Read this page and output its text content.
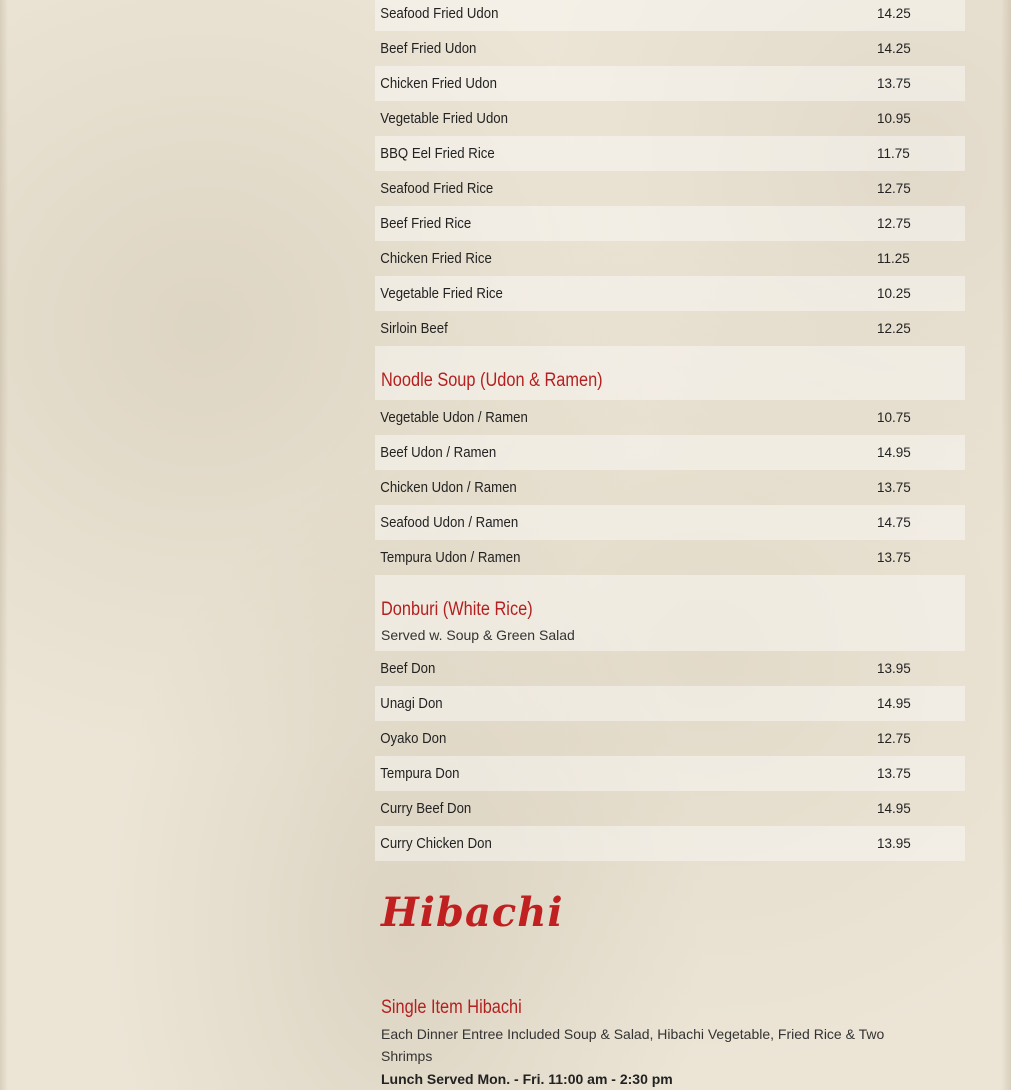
Seafood Fried Udon	14.25
Beef Fried Udon	14.25
Chicken Fried Udon	13.75
Vegetable Fried Udon	10.95
BBQ Eel Fried Rice	11.75
Seafood Fried Rice	12.75
Beef Fried Rice	12.75
Chicken Fried Rice	11.25
Vegetable Fried Rice	10.25
Sirloin Beef	12.25
Noodle Soup (Udon & Ramen)
Vegetable Udon / Ramen	10.75
Beef Udon / Ramen	14.95
Chicken Udon / Ramen	13.75
Seafood Udon / Ramen	14.75
Tempura Udon / Ramen	13.75
Donburi (White Rice)
Served w. Soup & Green Salad
Beef Don	13.95
Unagi Don	14.95
Oyako Don	12.75
Tempura Don	13.75
Curry Beef Don	14.95
Curry Chicken Don	13.95
Hibachi
Single Item Hibachi
Each Dinner Entree Included Soup & Salad, Hibachi Vegetable, Fried Rice & Two Shrimps
Lunch Served Mon. - Fri. 11:00 am - 2:30 pm
